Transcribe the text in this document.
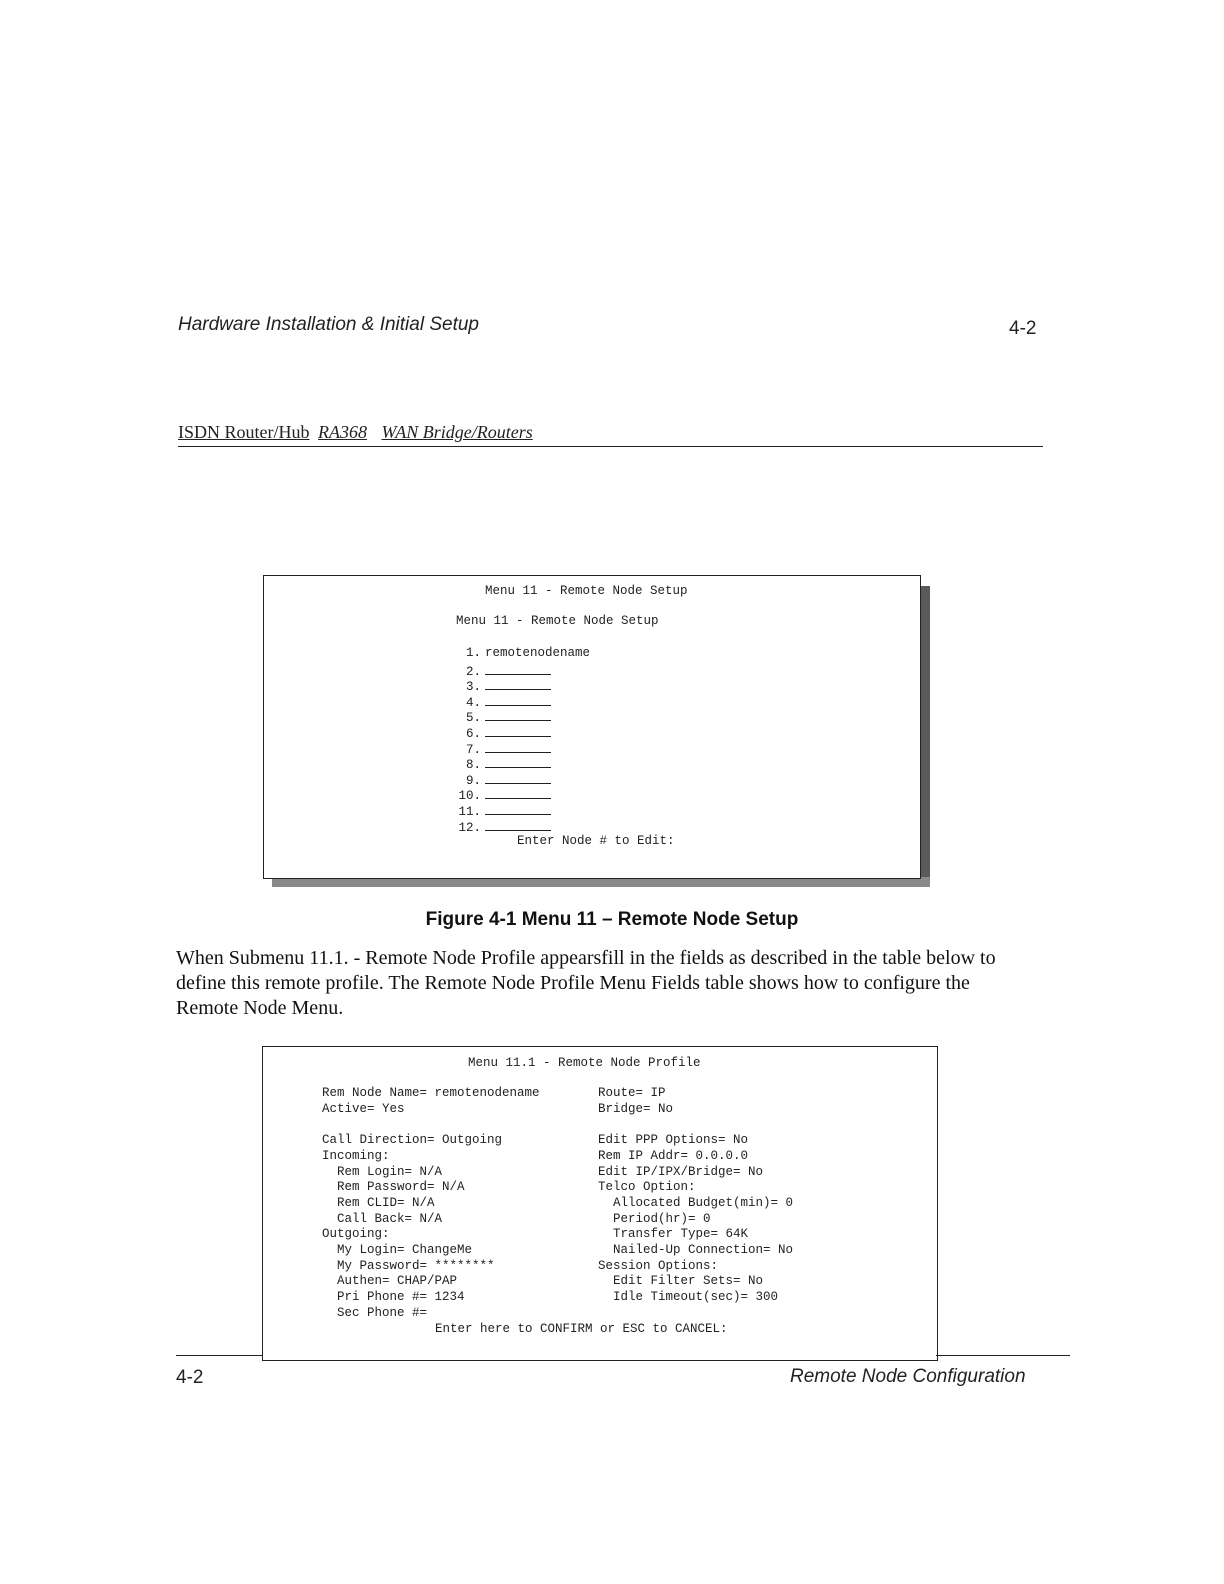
Hardware Installation & Initial Setup	4-2
ISDN Router/Hub RA368 WAN Bridge/Routers
Menu 11 - Remote Node Setup
Menu 11 - Remote Node Setup
1. remotenodename
2.
3.
4.
5.
6.
7.
8.
9.
10.
11.
12.
Enter Node # to Edit:
Figure 4-1 Menu 11 – Remote Node Setup
When Submenu 11.1. - Remote Node Profile appearsfill in the fields as described in the table below to define this remote profile. The Remote Node Profile Menu Fields table shows how to configure the Remote Node Menu.
Menu 11.1 - Remote Node Profile
Rem Node Name= remotenodename
Active= Yes
Call Direction= Outgoing
Incoming:
Rem Login= N/A
Rem Password= N/A
Rem CLID= N/A
Call Back= N/A
Outgoing:
My Login= ChangeMe
My Password= ********
Authen= CHAP/PAP
Pri Phone #= 1234
Sec Phone #=
Route= IP
Bridge= No
Edit PPP Options= No
Rem IP Addr= 0.0.0.0
Edit IP/IPX/Bridge= No
Telco Option:
Allocated Budget(min)= 0
Period(hr)= 0
Transfer Type= 64K
Nailed-Up Connection= No
Session Options:
Edit Filter Sets= No
Idle Timeout(sec)= 300
Enter here to CONFIRM or ESC to CANCEL:
4-2	Remote Node Configuration
